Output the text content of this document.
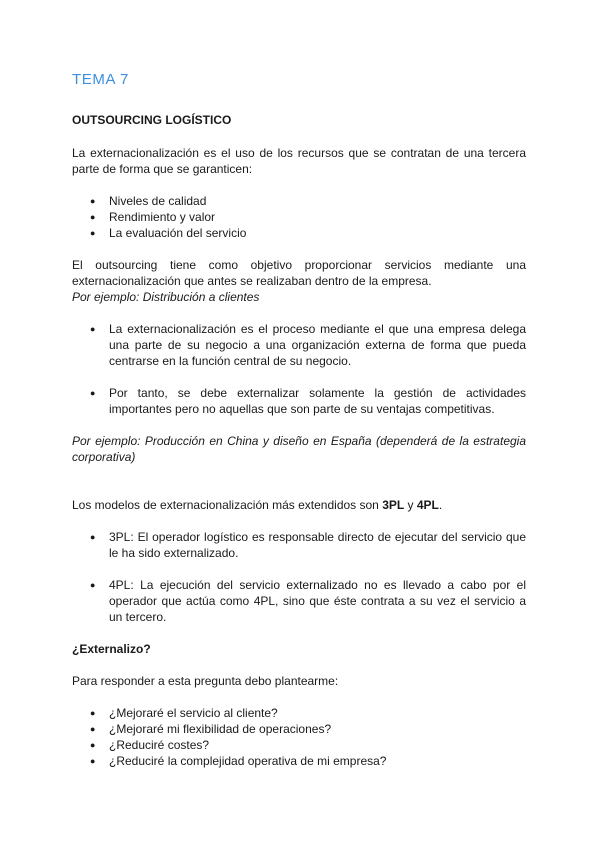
TEMA 7
OUTSOURCING LOGÍSTICO
La externacionalización es el uso de los recursos que se contratan de una tercera parte de forma que se garanticen:
● Niveles de calidad
● Rendimiento y valor
● La evaluación del servicio
El outsourcing tiene como objetivo proporcionar servicios mediante una externacionalización que antes se realizaban dentro de la empresa.
Por ejemplo: Distribución a clientes
● La externacionalización es el proceso mediante el que una empresa delega una parte de su negocio a una organización externa de forma que pueda centrarse en la función central de su negocio.
● Por tanto, se debe externalizar solamente la gestión de actividades importantes pero no aquellas que son parte de su ventajas competitivas.
Por ejemplo: Producción en China y diseño en España (dependerá de la estrategia corporativa)
Los modelos de externacionalización más extendidos son 3PL y 4PL.
● 3PL: El operador logístico es responsable directo de ejecutar del servicio que le ha sido externalizado.
● 4PL: La ejecución del servicio externalizado no es llevado a cabo por el operador que actúa como 4PL, sino que éste contrata a su vez el servicio a un tercero.
¿Externalizo?
Para responder a esta pregunta debo plantearme:
● ¿Mejoraré el servicio al cliente?
● ¿Mejoraré mi flexibilidad de operaciones?
● ¿Reduciré costes?
● ¿Reduciré la complejidad operativa de mi empresa?
